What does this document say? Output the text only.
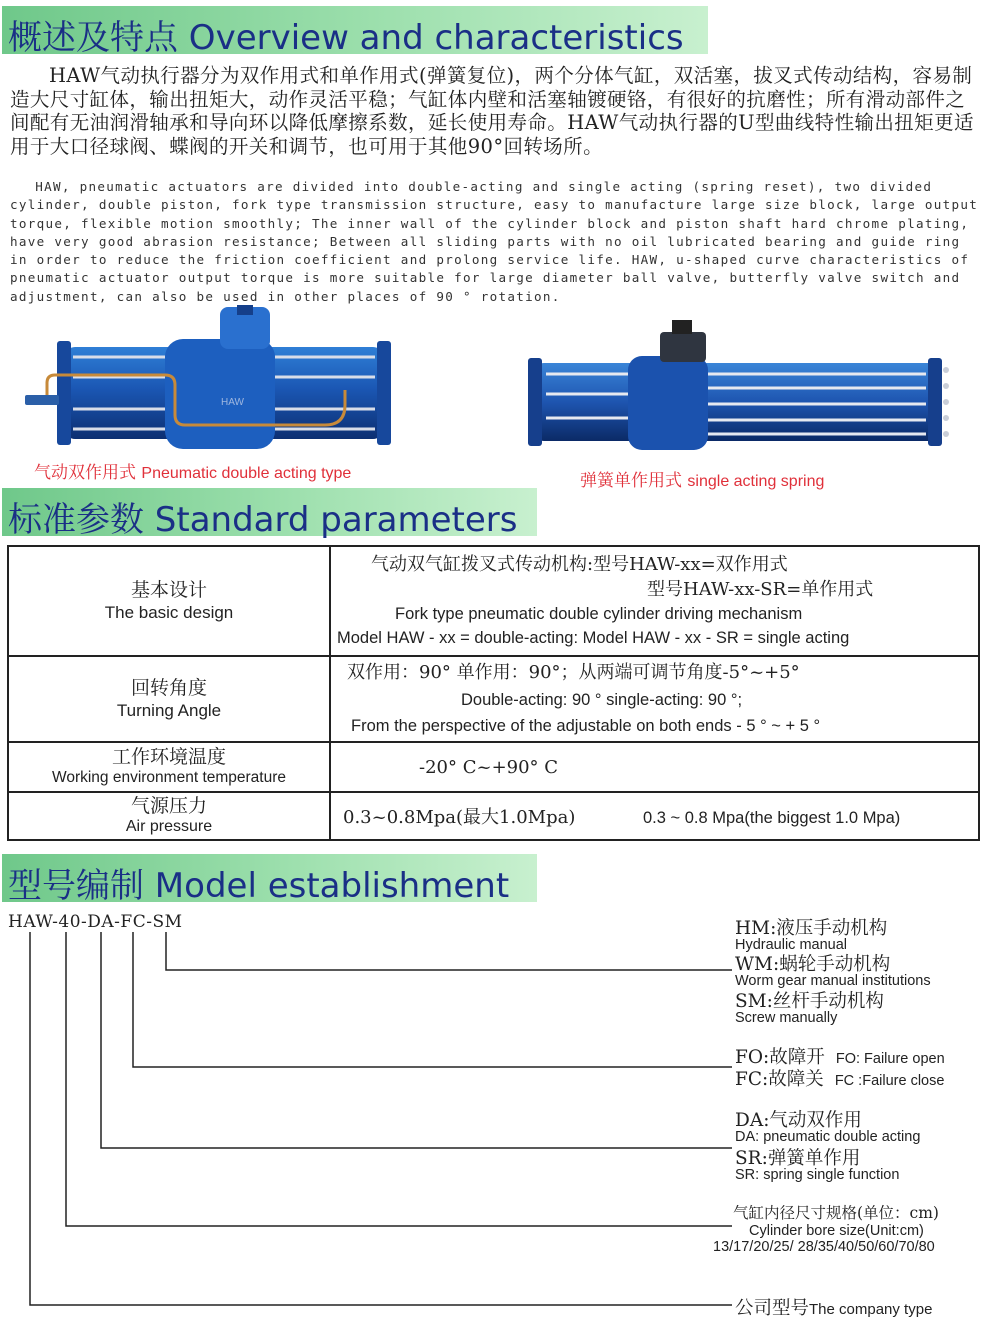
概述及特点 Overview and characteristics
HAW气动执行器分为双作用式和单作用式(弹簧复位)，两个分体气缸，双活塞，拔叉式传动结构，容易制造大尺寸缸体，输出扭矩大，动作灵活平稳；气缸体内壁和活塞轴镀硬铬，有很好的抗磨性；所有滑动部件之间配有无油润滑轴承和导向环以降低摩擦系数，延长使用寿命。HAW气动执行器的U型曲线特性输出扭矩更适用于大口径球阀、蝶阀的开关和调节，也可用于其他90°回转场所。
HAW, pneumatic actuators are divided into double-acting and single acting (spring reset), two divided cylinder, double piston, fork type transmission structure, easy to manufacture large size block, large output torque, flexible motion smoothly; The inner wall of the cylinder block and piston shaft hard chrome plating, have very good abrasion resistance; Between all sliding parts with no oil lubricated bearing and guide ring in order to reduce the friction coefficient and prolong service life. HAW, u-shaped curve characteristics of pneumatic actuator output torque is more suitable for large diameter ball valve, butterfly valve switch and adjustment, can also be used in other places of 90 ° rotation.
HAW
气动双作用式 Pneumatic double acting type	弹簧单作用式 single acting spring
标准参数 Standard parameters
基本设计
The basic design	气动双气缸拨叉式传动机构:型号HAW-xx=双作用式
型号HAW-xx-SR=单作用式
Fork type pneumatic double cylinder driving mechanism
Model HAW - xx = double-acting: Model HAW - xx - SR = single acting

回转角度
Turning Angle	双作用：90° 单作用：90°；从两端可调节角度-5°~+5°
Double-acting: 90 ° single-acting: 90 °;
From the perspective of the adjustable on both ends - 5 ° ~ + 5 °

工作环境温度
Working environment temperature	-20° C~+90° C

气源压力
Air pressure	0.3~0.8Mpa(最大1.0Mpa) 0.3 ~ 0.8 Mpa(the biggest 1.0 Mpa)
型号编制 Model establishment
HAW-40-DA-FC-SM	HM:液压手动机构
Hydraulic manual
WM:蜗轮手动机构
Worm gear manual institutions
SM:丝杆手动机构
Screw manually
FO:故障开 FO: Failure open
FC:故障关 FC :Failure close
DA:气动双作用
DA: pneumatic double acting
SR:弹簧单作用
SR: spring single function
气缸内径尺寸规格(单位：cm)
Cylinder bore size(Unit:cm)
13/17/20/25/ 28/35/40/50/60/70/80
公司型号The company type
